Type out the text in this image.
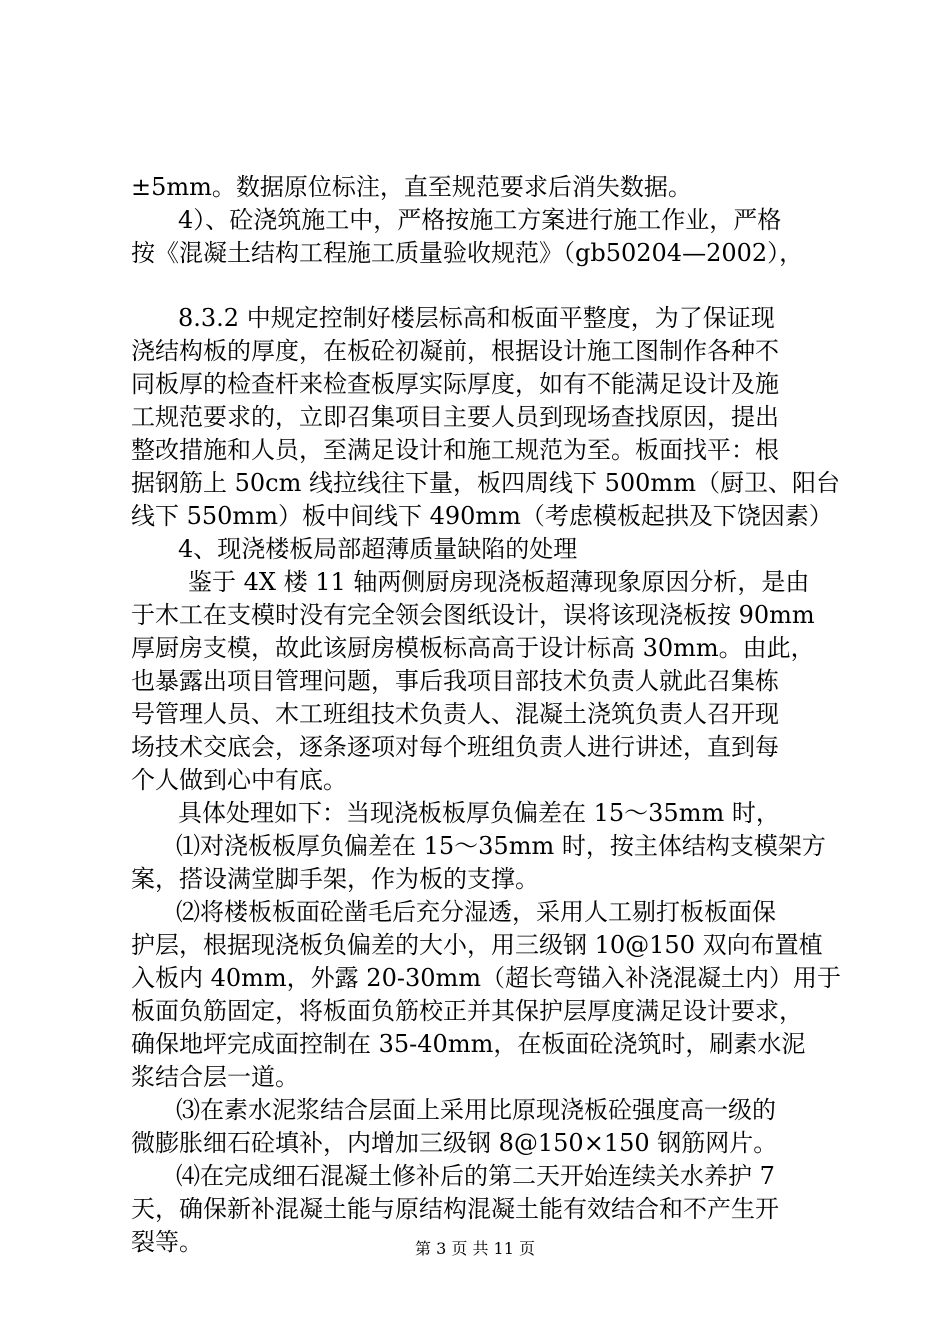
±5mm。数据原位标注，直至规范要求后消失数据。
4）、砼浇筑施工中，严格按施工方案进行施工作业，严格
按《混凝土结构工程施工质量验收规范》（gb50204—2002），
8.3.2 中规定控制好楼层标高和板面平整度，为了保证现
浇结构板的厚度，在板砼初凝前，根据设计施工图制作各种不
同板厚的检查杆来检查板厚实际厚度，如有不能满足设计及施
工规范要求的，立即召集项目主要人员到现场查找原因，提出
整改措施和人员，至满足设计和施工规范为至。板面找平：根
据钢筋上 50cm 线拉线往下量，板四周线下 500mm（厨卫、阳台
线下 550mm）板中间线下 490mm（考虑模板起拱及下饶因素）
4、现浇楼板局部超薄质量缺陷的处理
鉴于 4X 楼 11 轴两侧厨房现浇板超薄现象原因分析，是由
于木工在支模时没有完全领会图纸设计，误将该现浇板按 90mm
厚厨房支模，故此该厨房模板标高高于设计标高 30mm。由此，
也暴露出项目管理问题，事后我项目部技术负责人就此召集栋
号管理人员、木工班组技术负责人、混凝土浇筑负责人召开现
场技术交底会，逐条逐项对每个班组负责人进行讲述，直到每
个人做到心中有底。
具体处理如下：当现浇板板厚负偏差在 15～35mm 时，
⑴对浇板板厚负偏差在 15～35mm 时，按主体结构支模架方
案，搭设满堂脚手架，作为板的支撑。
⑵将楼板板面砼凿毛后充分湿透，采用人工剔打板板面保
护层，根据现浇板负偏差的大小，用三级钢 10@150 双向布置植
入板内 40mm，外露 20-30mm（超长弯锚入补浇混凝土内）用于
板面负筋固定，将板面负筋校正并其保护层厚度满足设计要求，
确保地坪完成面控制在 35-40mm，在板面砼浇筑时，刷素水泥
浆结合层一道。
⑶在素水泥浆结合层面上采用比原现浇板砼强度高一级的
微膨胀细石砼填补，内增加三级钢 8@150×150 钢筋网片。
⑷在完成细石混凝土修补后的第二天开始连续关水养护 7
天，确保新补混凝土能与原结构混凝土能有效结合和不产生开
裂等。	第 3 页 共 11 页
